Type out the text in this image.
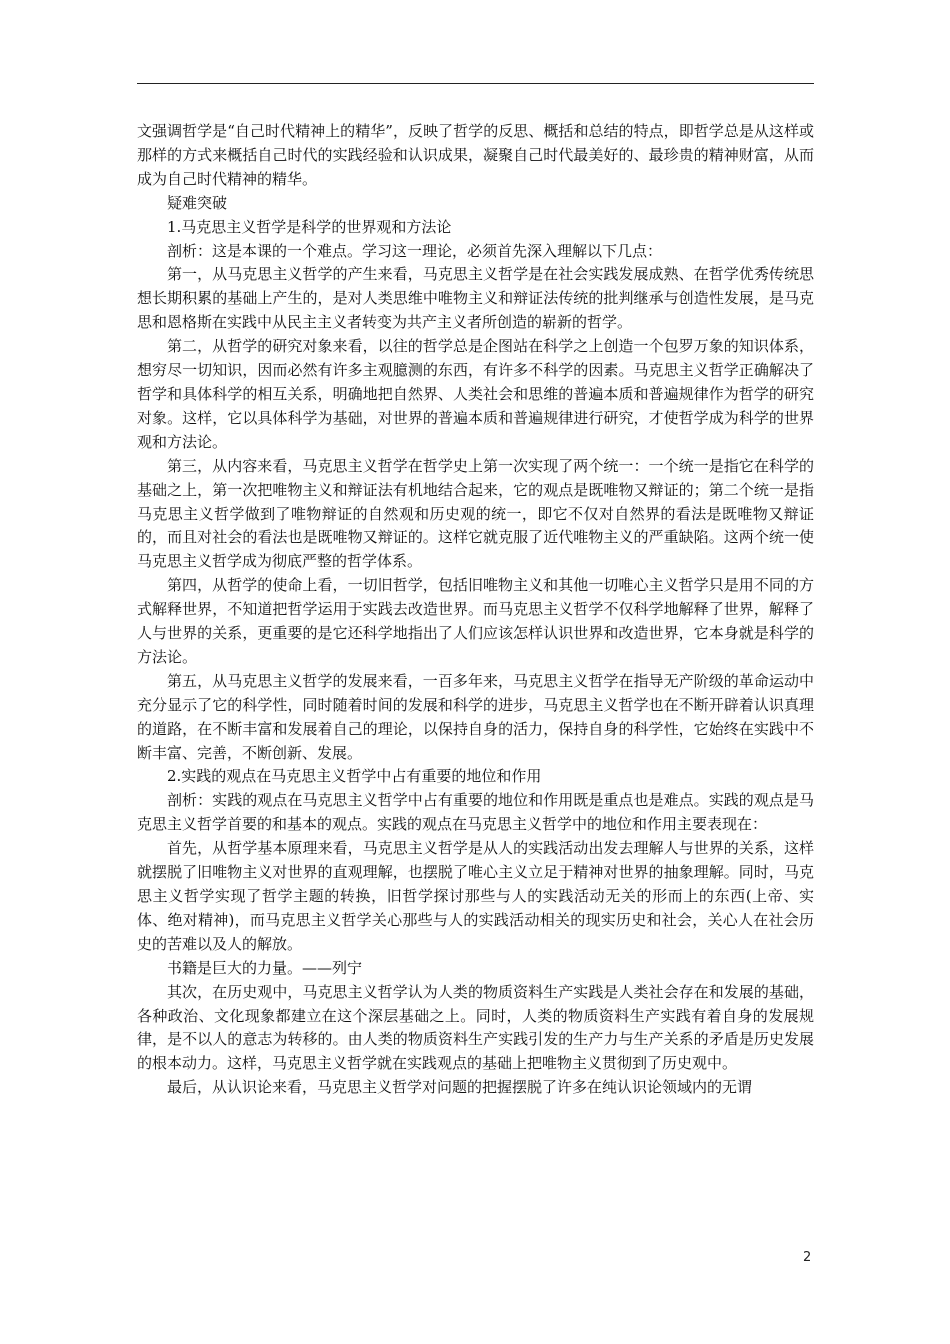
文强调哲学是“自己时代精神上的精华”，反映了哲学的反思、概括和总结的特点，即哲学总是从这样或那样的方式来概括自己时代的实践经验和认识成果，凝聚自己时代最美好的、最珍贵的精神财富，从而成为自己时代精神的精华。

疑难突破

1.马克思主义哲学是科学的世界观和方法论

剖析：这是本课的一个难点。学习这一理论，必须首先深入理解以下几点：

第一，从马克思主义哲学的产生来看，马克思主义哲学是在社会实践发展成熟、在哲学优秀传统思想长期积累的基础上产生的，是对人类思维中唯物主义和辩证法传统的批判继承与创造性发展，是马克思和恩格斯在实践中从民主主义者转变为共产主义者所创造的崭新的哲学。

第二，从哲学的研究对象来看，以往的哲学总是企图站在科学之上创造一个包罗万象的知识体系，想穷尽一切知识，因而必然有许多主观臆测的东西，有许多不科学的因素。马克思主义哲学正确解决了哲学和具体科学的相互关系，明确地把自然界、人类社会和思维的普遍本质和普遍规律作为哲学的研究对象。这样，它以具体科学为基础，对世界的普遍本质和普遍规律进行研究，才使哲学成为科学的世界观和方法论。

第三，从内容来看，马克思主义哲学在哲学史上第一次实现了两个统一：一个统一是指它在科学的基础之上，第一次把唯物主义和辩证法有机地结合起来，它的观点是既唯物又辩证的；第二个统一是指马克思主义哲学做到了唯物辩证的自然观和历史观的统一，即它不仅对自然界的看法是既唯物又辩证的，而且对社会的看法也是既唯物又辩证的。这样它就克服了近代唯物主义的严重缺陷。这两个统一使马克思主义哲学成为彻底严整的哲学体系。

第四，从哲学的使命上看，一切旧哲学，包括旧唯物主义和其他一切唯心主义哲学只是用不同的方式解释世界，不知道把哲学运用于实践去改造世界。而马克思主义哲学不仅科学地解释了世界，解释了人与世界的关系，更重要的是它还科学地指出了人们应该怎样认识世界和改造世界，它本身就是科学的方法论。

第五，从马克思主义哲学的发展来看，一百多年来，马克思主义哲学在指导无产阶级的革命运动中充分显示了它的科学性，同时随着时间的发展和科学的进步，马克思主义哲学也在不断开辟着认识真理的道路，在不断丰富和发展着自己的理论，以保持自身的活力，保持自身的科学性，它始终在实践中不断丰富、完善，不断创新、发展。

2.实践的观点在马克思主义哲学中占有重要的地位和作用

剖析：实践的观点在马克思主义哲学中占有重要的地位和作用既是重点也是难点。实践的观点是马克思主义哲学首要的和基本的观点。实践的观点在马克思主义哲学中的地位和作用主要表现在：

首先，从哲学基本原理来看，马克思主义哲学是从人的实践活动出发去理解人与世界的关系，这样就摆脱了旧唯物主义对世界的直观理解，也摆脱了唯心主义立足于精神对世界的抽象理解。同时，马克思主义哲学实现了哲学主题的转换，旧哲学探讨那些与人的实践活动无关的形而上的东西(上帝、实体、绝对精神)，而马克思主义哲学关心那些与人的实践活动相关的现实历史和社会，关心人在社会历史的苦难以及人的解放。

书籍是巨大的力量。——列宁

其次，在历史观中，马克思主义哲学认为人类的物质资料生产实践是人类社会存在和发展的基础，各种政治、文化现象都建立在这个深层基础之上。同时，人类的物质资料生产实践有着自身的发展规律，是不以人的意志为转移的。由人类的物质资料生产实践引发的生产力与生产关系的矛盾是历史发展的根本动力。这样，马克思主义哲学就在实践观点的基础上把唯物主义贯彻到了历史观中。

最后，从认识论来看，马克思主义哲学对问题的把握摆脱了许多在纯认识论领域内的无谓

2
